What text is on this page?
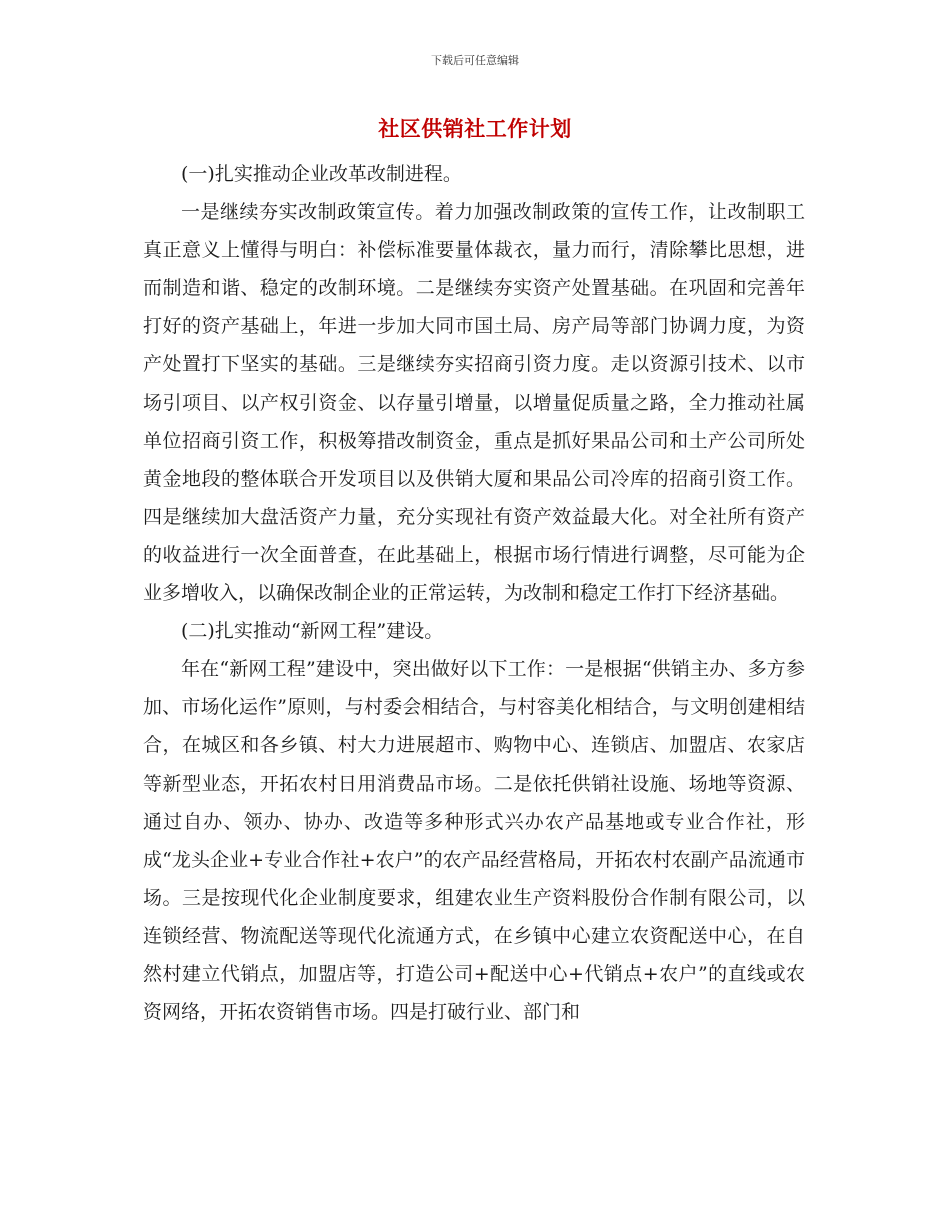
下载后可任意编辑
社区供销社工作计划

(一)扎实推动企业改革改制进程。

一是继续夯实改制政策宣传。着力加强改制政策的宣传工作，让改制职工真正意义上懂得与明白：补偿标准要量体裁衣，量力而行，清除攀比思想，进而制造和谐、稳定的改制环境。二是继续夯实资产处置基础。在巩固和完善年打好的资产基础上，年进一步加大同市国土局、房产局等部门协调力度，为资产处置打下坚实的基础。三是继续夯实招商引资力度。走以资源引技术、以市场引项目、以产权引资金、以存量引增量，以增量促质量之路，全力推动社属单位招商引资工作，积极筹措改制资金，重点是抓好果品公司和土产公司所处黄金地段的整体联合开发项目以及供销大厦和果品公司冷库的招商引资工作。四是继续加大盘活资产力量，充分实现社有资产效益最大化。对全社所有资产的收益进行一次全面普查，在此基础上，根据市场行情进行调整，尽可能为企业多增收入，以确保改制企业的正常运转，为改制和稳定工作打下经济基础。

(二)扎实推动“新网工程”建设。

年在“新网工程”建设中，突出做好以下工作：一是根据“供销主办、多方参加、市场化运作”原则，与村委会相结合，与村容美化相结合，与文明创建相结合，在城区和各乡镇、村大力进展超市、购物中心、连锁店、加盟店、农家店等新型业态，开拓农村日用消费品市场。二是依托供销社设施、场地等资源、通过自办、领办、协办、改造等多种形式兴办农产品基地或专业合作社，形成“龙头企业+专业合作社+农户”的农产品经营格局，开拓农村农副产品流通市场。三是按现代化企业制度要求，组建农业生产资料股份合作制有限公司，以连锁经营、物流配送等现代化流通方式，在乡镇中心建立农资配送中心，在自然村建立代销点，加盟店等，打造公司+配送中心+代销点+农户”的直线或农资网络，开拓农资销售市场。四是打破行业、部门和
